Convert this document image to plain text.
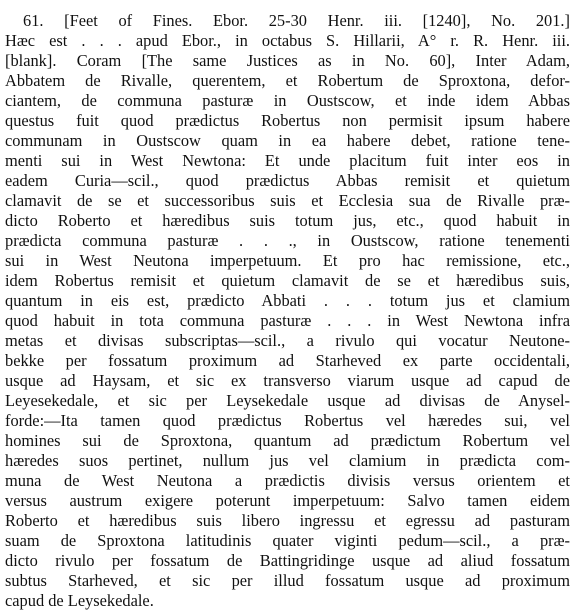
61. [Feet of Fines. Ebor. 25-30 Henr. iii. [1240], No. 201.]
Hæc est . . . apud Ebor., in octabus S. Hillarii, A° r. R. Henr. iii.
[blank]. Coram [The same Justices as in No. 60], Inter Adam,
Abbatem de Rivalle, querentem, et Robertum de Sproxtona, defor-
ciantem, de communa pasturæ in Oustscow, et inde idem Abbas
questus fuit quod prædictus Robertus non permisit ipsum habere
communam in Oustscow quam in ea habere debet, ratione tene-
menti sui in West Newtona: Et unde placitum fuit inter eos in
eadem Curia—scil., quod prædictus Abbas remisit et quietum
clamavit de se et successoribus suis et Ecclesia sua de Rivalle præ-
dicto Roberto et hæredibus suis totum jus, etc., quod habuit in
prædicta communa pasturæ . . ., in Oustscow, ratione tenementi
sui in West Neutona imperpetuum. Et pro hac remissione, etc.,
idem Robertus remisit et quietum clamavit de se et hæredibus suis,
quantum in eis est, prædicto Abbati . . . totum jus et clamium
quod habuit in tota communa pasturæ . . . in West Newtona infra
metas et divisas subscriptas—scil., a rivulo qui vocatur Neutone-
bekke per fossatum proximum ad Starheved ex parte occidentali,
usque ad Haysam, et sic ex transverso viarum usque ad capud de
Leyesekedale, et sic per Leysekedale usque ad divisas de Anysel-
forde:—Ita tamen quod prædictus Robertus vel hæredes sui, vel
homines sui de Sproxtona, quantum ad prædictum Robertum vel
hæredes suos pertinet, nullum jus vel clamium in prædicta com-
muna de West Neutona a prædictis divisis versus orientem et
versus austrum exigere poterunt imperpetuum: Salvo tamen eidem
Roberto et hæredibus suis libero ingressu et egressu ad pasturam
suam de Sproxtona latitudinis quater viginti pedum—scil., a præ-
dicto rivulo per fossatum de Battingridinge usque ad aliud fossatum
subtus Starheved, et sic per illud fossatum usque ad proximum
capud de Leysekedale.
